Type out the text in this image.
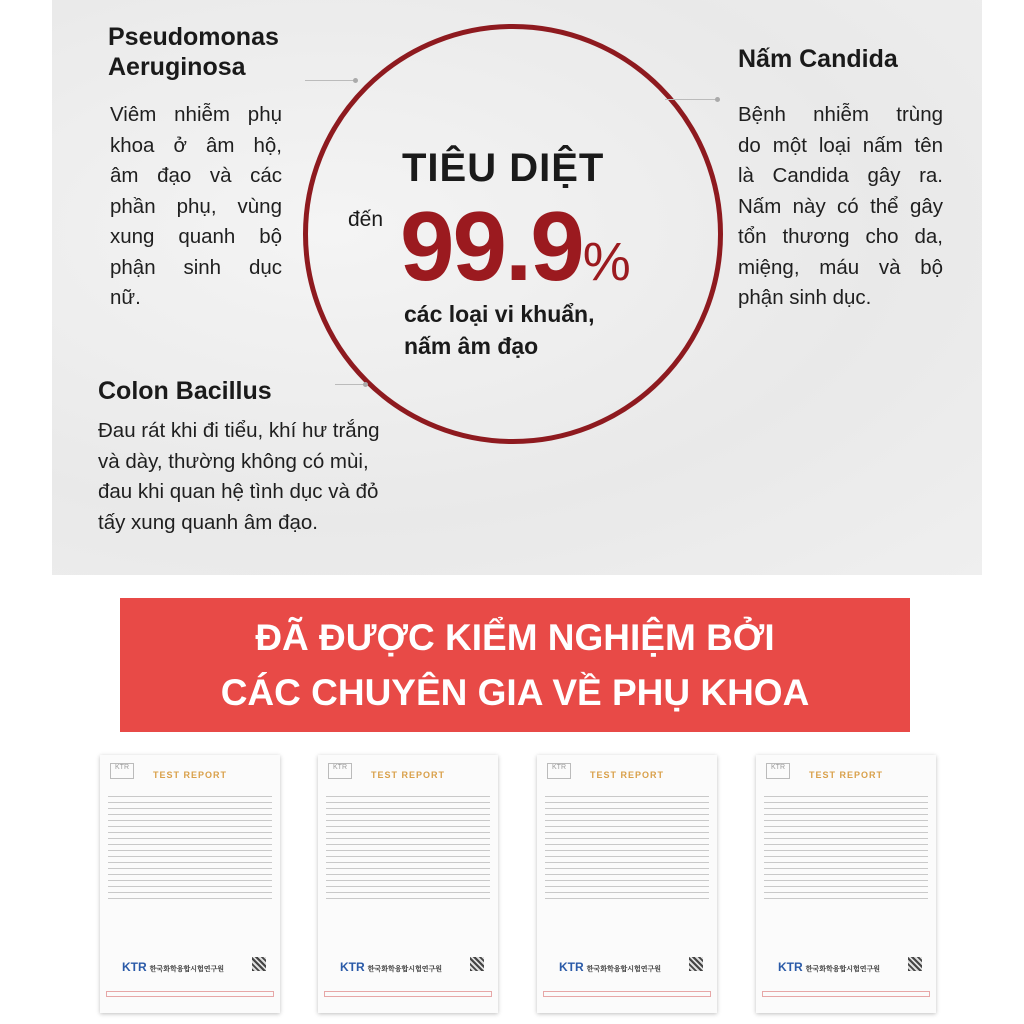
Pseudomonas
Aeruginosa
Viêm nhiễm phụ
khoa ở âm hộ,
âm đạo và các
phần phụ, vùng
xung quanh bộ
phận sinh dục
nữ.
Colon Bacillus
Đau rát khi đi tiểu, khí hư trắng
và dày, thường không có mùi,
đau khi quan hệ tình dục và đỏ
tấy xung quanh âm đạo.
Nấm Candida
Bệnh nhiễm trùng
do một loại nấm tên
là Candida gây ra.
Nấm này có thể gây
tổn thương cho da,
miệng, máu và bộ
phận sinh dục.
TIÊU DIỆT
đến 99.9%
các loại vi khuẩn,
nấm âm đạo
ĐÃ ĐƯỢC KIỂM NGHIỆM BỞI
CÁC CHUYÊN GIA VỀ PHỤ KHOA
KTR
TEST REPORT
KTR 한국화학융합시험연구원
KTR
TEST REPORT
KTR 한국화학융합시험연구원
KTR
TEST REPORT
KTR 한국화학융합시험연구원
KTR
TEST REPORT
KTR 한국화학융합시험연구원
